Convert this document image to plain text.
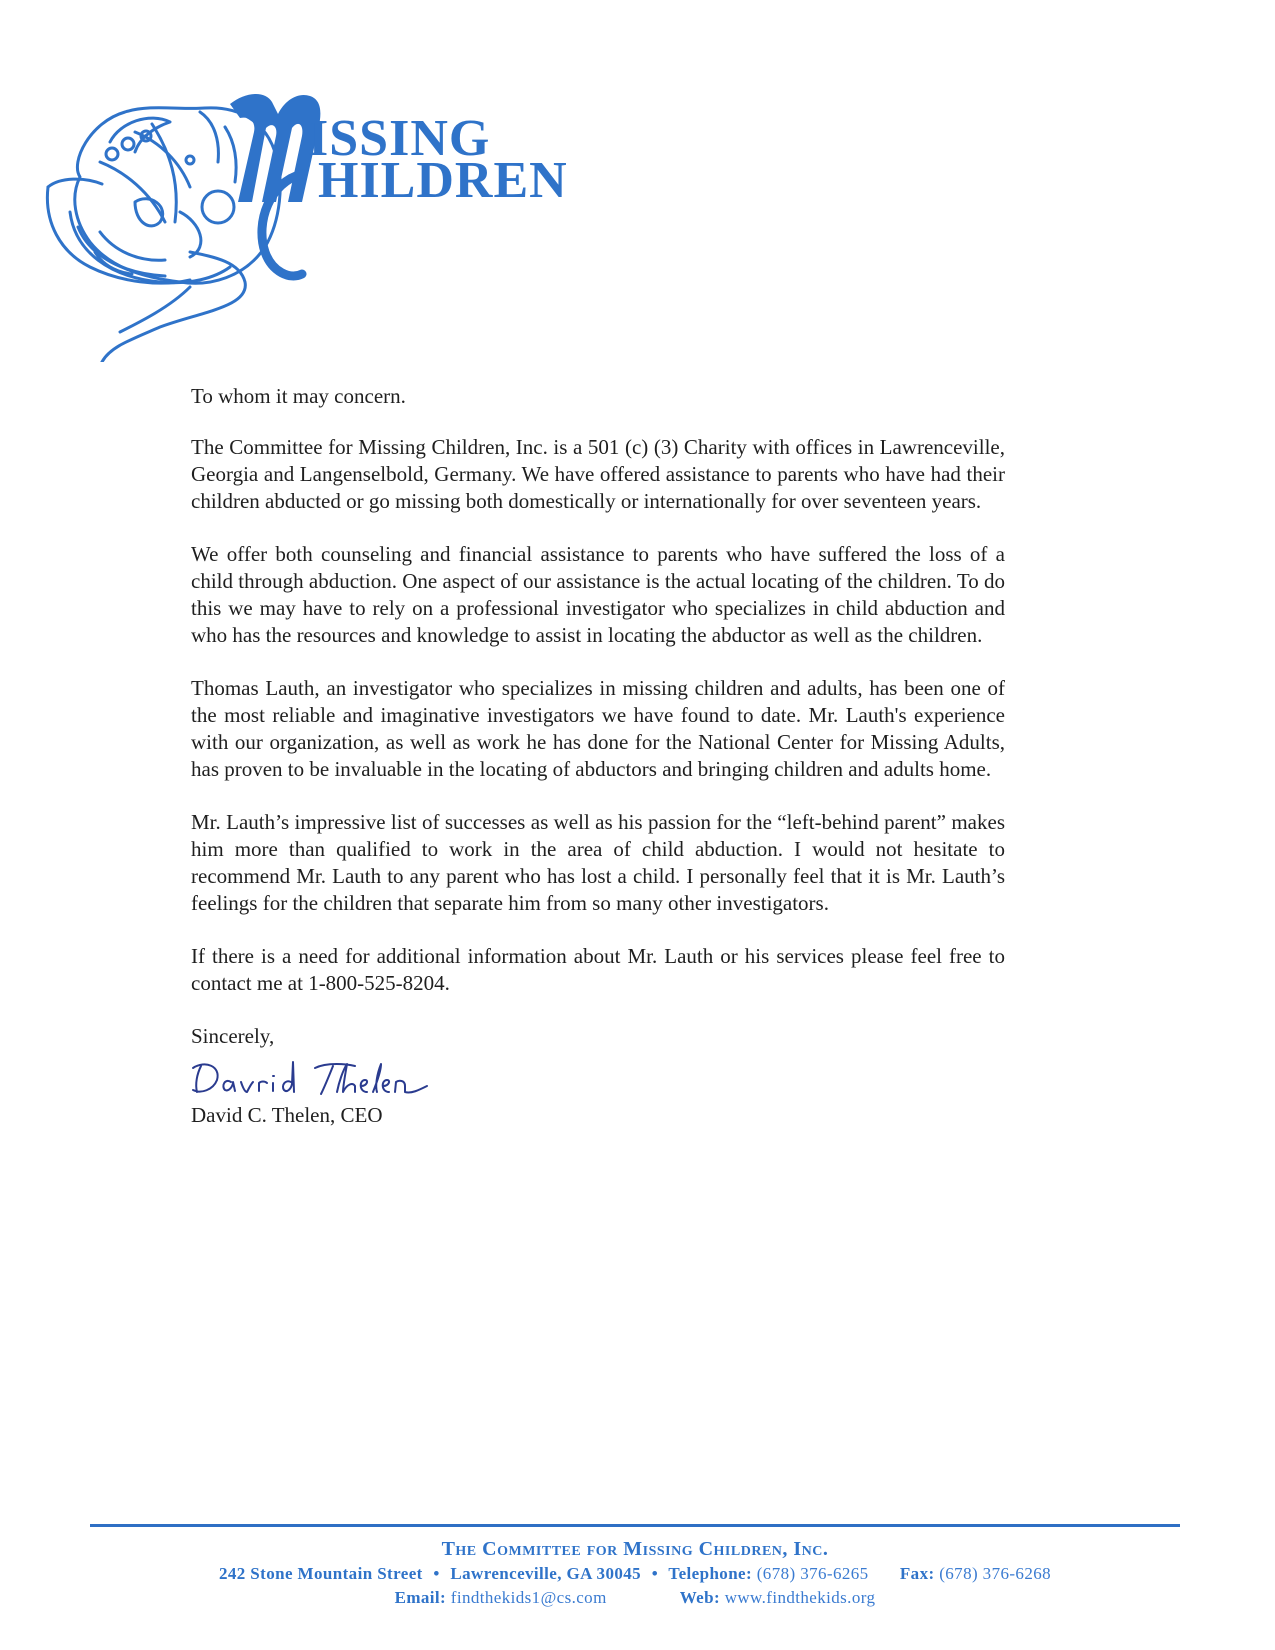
ISSING
HILDREN

To whom it may concern.

The Committee for Missing Children, Inc. is a 501 (c) (3) Charity with offices in Lawrenceville, Georgia and Langenselbold, Germany. We have offered assistance to parents who have had their children abducted or go missing both domestically or internationally for over seventeen years.

We offer both counseling and financial assistance to parents who have suffered the loss of a child through abduction. One aspect of our assistance is the actual locating of the children. To do this we may have to rely on a professional investigator who specializes in child abduction and who has the resources and knowledge to assist in locating the abductor as well as the children.

Thomas Lauth, an investigator who specializes in missing children and adults, has been one of the most reliable and imaginative investigators we have found to date. Mr. Lauth's experience with our organization, as well as work he has done for the National Center for Missing Adults, has proven to be invaluable in the locating of abductors and bringing children and adults home.

Mr. Lauth’s impressive list of successes as well as his passion for the “left-behind parent” makes him more than qualified to work in the area of child abduction. I would not hesitate to recommend Mr. Lauth to any parent who has lost a child. I personally feel that it is Mr. Lauth’s feelings for the children that separate him from so many other investigators.

If there is a need for additional information about Mr. Lauth or his services please feel free to contact me at 1-800-525-8204.

Sincerely,
David C. Thelen, CEO
The Committee for Missing Children, Inc.
242 Stone Mountain Street • Lawrenceville, GA 30045 • Telephone: (678) 376-6265 Fax: (678) 376-6268
Email: findthekids1@cs.com	Web: www.findthekids.org
